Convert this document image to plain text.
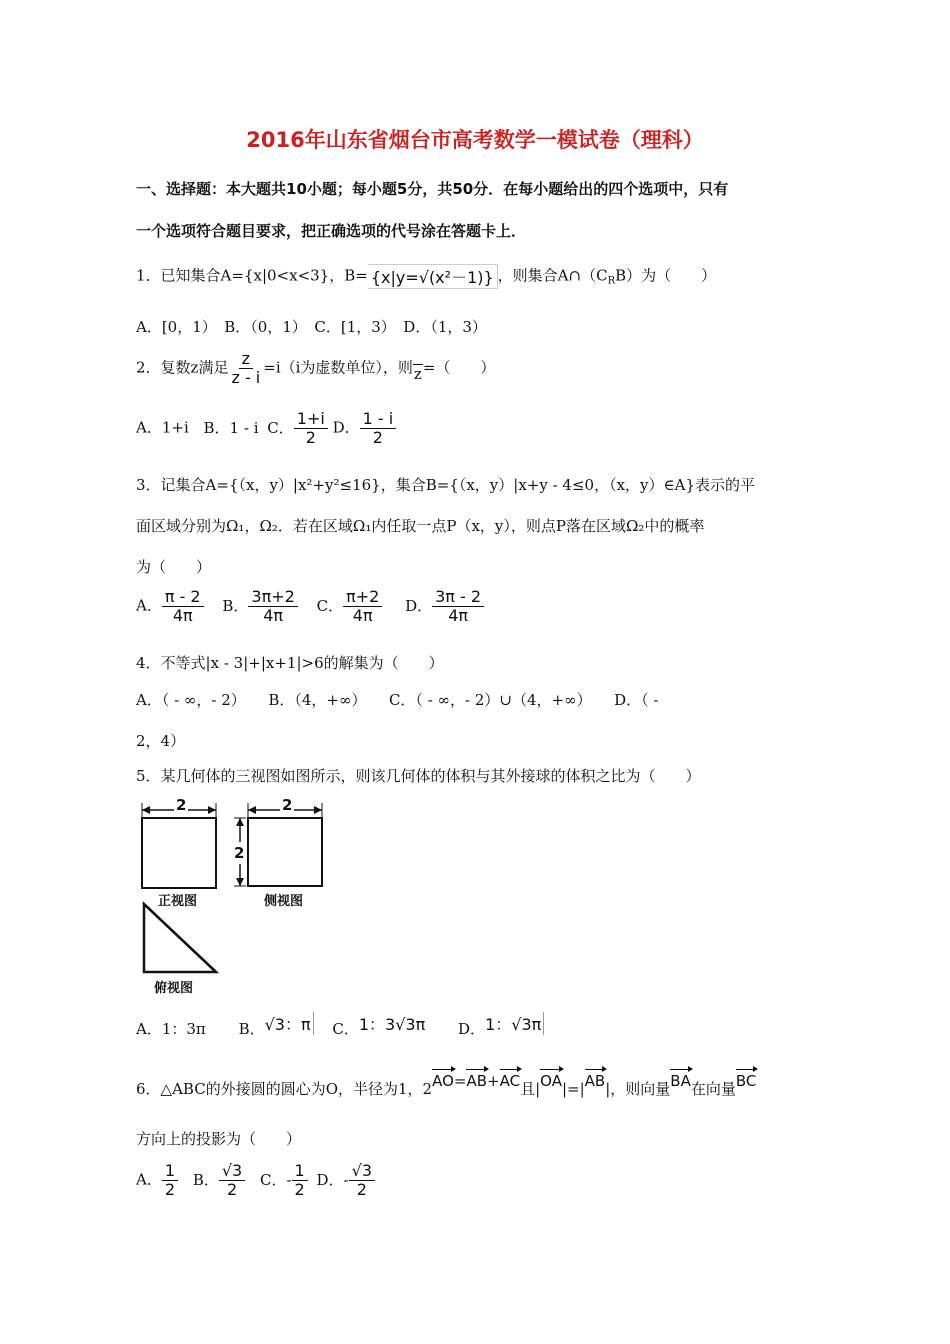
2016年山东省烟台市高考数学一模试卷（理科）
一、选择题：本大题共10小题；每小题5分，共50分．在每小题给出的四个选项中，只有
一个选项符合题目要求，把正确选项的代号涂在答题卡上．
1．已知集合A={x|0<x<3}，B= {x|y=√(x²－1)} ，则集合$A\cap(C_RB)$为（　　）
A．[0，1）　B．（0，1）　C．[1，3）　D．（1，3）
2．复数z满足 $\frac{z}{z - i} =i(i$为虚数单位），则z=（　　）
A．1+i B．1 - i C． $\frac{1+i}{2}$ D． $\frac{1 - i}{2}$
3．记集合A={（x，y）|x²+y²≤16}，集合B={（x，y）|x+y - 4≤0，（x，y）∈A}表示的平
面区域分别为Ω₁，Ω₂．若在区域Ω₁内任取一点P（x，y），则点P落在区域Ω₂中的概率
为（　　）
A． $\frac{\pi - 2}{4\pi}$ B． $\frac{3\pi+2}{4\pi}$ C． $\frac{\pi+2}{4\pi}$ D． $\frac{3\pi - 2}{4\pi}$
4．不等式|x - 3|+|x+1|>6的解集为（　　）
A．（ - ∞，- 2）　　B．（4，+∞）　　C．（ - ∞，- 2）∪（4，+∞）　　D．（ -
2，4）
5．某几何体的三视图如图所示，则该几何体的体积与其外接球的体积之比为（　　）
2	2
2
正视图	侧视图
俯视图
A．1：3π B．√3：π C．1：3√3π D．1：√3π
6．△ABC的外接圆的圆心为O，半径为1，2AO=AB+AC且|OA|=|AB|，则向量BA在向量BC
方向上的投影为（　　）
A． $\frac{1}{2}$ B． $\frac{√3}{2}$ C．- $\frac{1}{2}$ D．- $\frac{√3}{2}$
